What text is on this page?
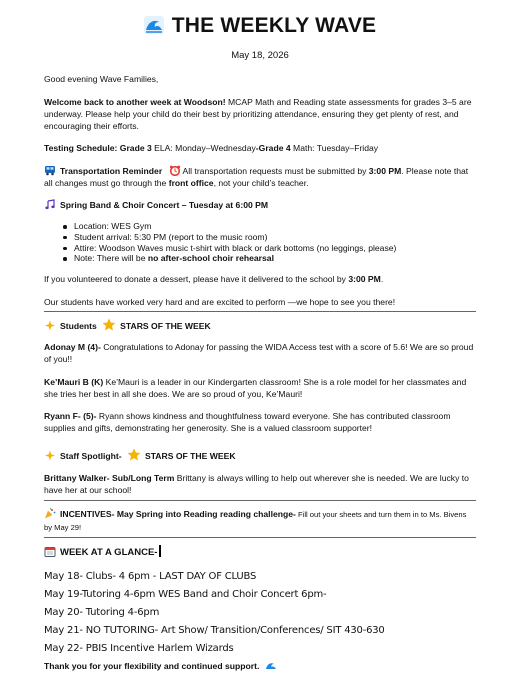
THE WEEKLY WAVE
May 18, 2026
Good evening Wave Families,
Welcome back to another week at Woodson! MCAP Math and Reading state assessments for grades 3–5 are underway. Please help your child do their best by prioritizing attendance, ensuring they get plenty of rest, and encouraging their efforts.
Testing Schedule: Grade 3 ELA: Monday–Wednesday-Grade 4 Math: Tuesday–Friday
Transportation Reminder  All transportation requests must be submitted by 3:00 PM. Please note that all changes must go through the front office, not your child’s teacher.
Spring Band & Choir Concert – Tuesday at 6:00 PM
Location: WES Gym
Student arrival: 5:30 PM (report to the music room)
Attire: Woodson Waves music t-shirt with black or dark bottoms (no leggings, please)
Note: There will be no after-school choir rehearsal
If you volunteered to donate a dessert, please have it delivered to the school by 3:00 PM.
Our students have worked very hard and are excited to perform —we hope to see you there!
Students	STARS OF THE WEEK
Adonay M (4)- Congratulations to Adonay for passing the WIDA Access test with a score of 5.6! We are so proud of you!!
Ke’Mauri B (K) Ke’Mauri is a leader in our Kindergarten classroom! She is a role model for her classmates and she tries her best in all she does. We are so proud of you, Ke’Mauri!
Ryann F- (5)- Ryann shows kindness and thoughtfulness toward everyone. She has contributed classroom supplies and gifts, demonstrating her generosity. She is a valued classroom supporter!
Staff Spotlight-	STARS OF THE WEEK
Brittany Walker- Sub/Long Term Brittany is always willing to help out wherever she is needed. We are lucky to have her at our school!
INCENTIVES- May Spring into Reading reading challenge- Fill out your sheets and turn them in to Ms. Bivens by May 29!
WEEK AT A GLANCE-
May 18- Clubs- 4 6pm - LAST DAY OF CLUBS
May 19-Tutoring 4-6pm WES Band and Choir Concert 6pm-
May 20- Tutoring 4-6pm
May 21- NO TUTORING- Art Show/ Transition/Conferences/ SIT 430-630
May 22- PBIS Incentive Harlem Wizards
Thank you for your flexibility and continued support.
